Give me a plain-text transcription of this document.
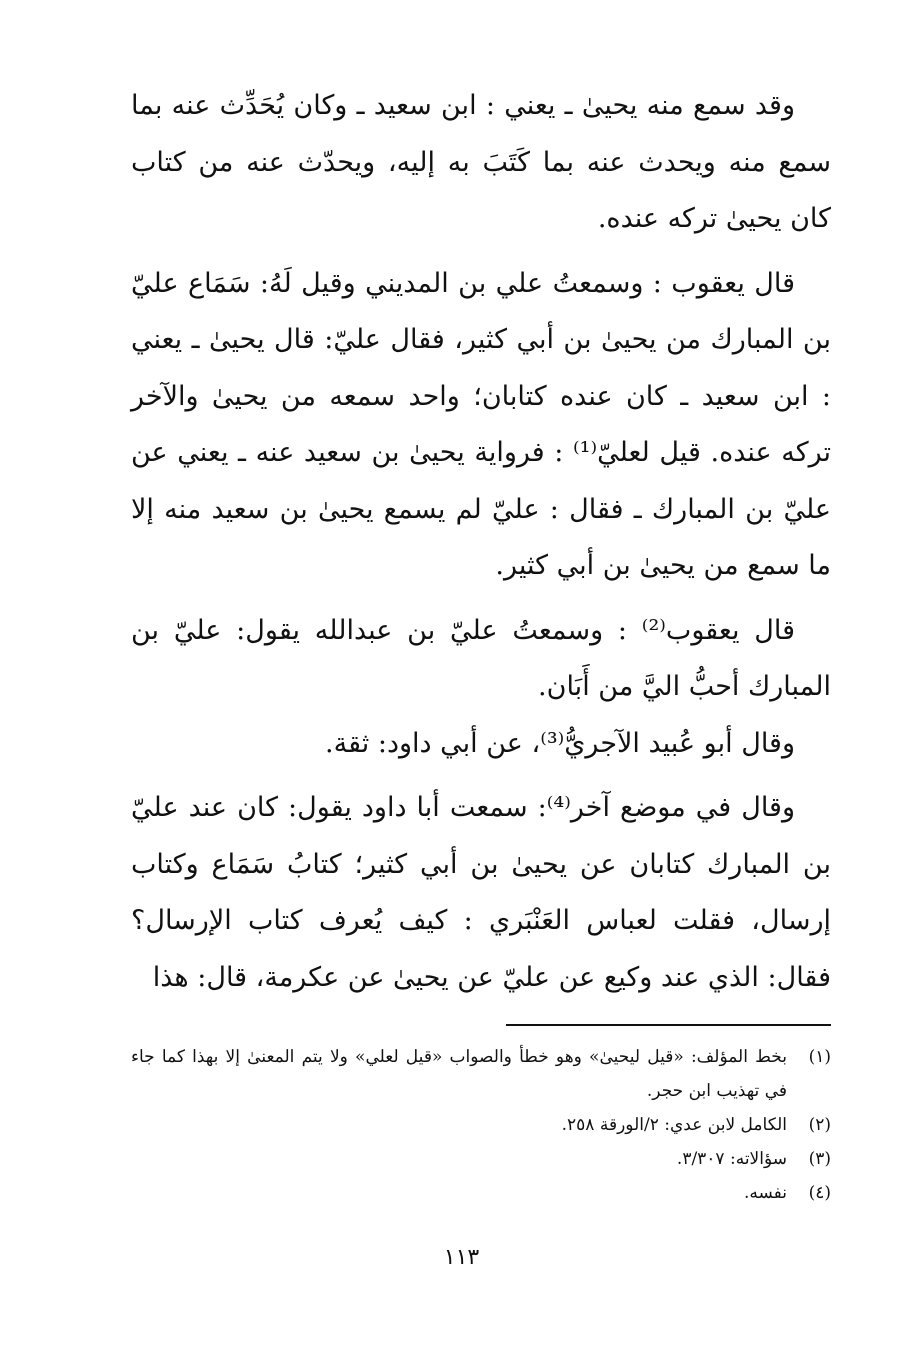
وقد سمع منه يحيىٰ ـ يعني : ابن سعيد ـ وكان يُحَدِّث عنه بما سمع منه ويحدث عنه بما كَتَبَ به إليه، ويحدّث عنه من كتاب كان يحيىٰ تركه عنده.

قال يعقوب : وسمعتُ علي بن المديني وقيل لَهُ: سَمَاع عليّ بن المبارك من يحيىٰ بن أبي كثير، فقال عليّ: قال يحيىٰ ـ يعني : ابن سعيد ـ كان عنده كتابان؛ واحد سمعه من يحيىٰ والآخر تركه عنده. قيل لعليّ⁽¹⁾ : فرواية يحيىٰ بن سعيد عنه ـ يعني عن عليّ بن المبارك ـ فقال : عليّ لم يسمع يحيىٰ بن سعيد منه إلا ما سمع من يحيىٰ بن أبي كثير.

قال يعقوب⁽²⁾ : وسمعتُ عليّ بن عبدالله يقول: عليّ بن المبارك أحبُّ اليَّ من أَبَان.

وقال أبو عُبيد الآجريُّ⁽³⁾، عن أبي داود: ثقة.

وقال في موضع آخر⁽⁴⁾: سمعت أبا داود يقول: كان عند عليّ بن المبارك كتابان عن يحيىٰ بن أبي كثير؛ كتابُ سَمَاع وكتاب إرسال، فقلت لعباس العَنْبَري : كيف يُعرف كتاب الإرسال؟ فقال: الذي عند وكيع عن عليّ عن يحيىٰ عن عكرمة، قال: هذا

(١)
بخط المؤلف: «قيل ليحيىٰ» وهو خطأ والصواب «قيل لعلي» ولا يتم المعنىٰ إلا بهذا كما جاء في تهذيب ابن حجر.
(٢)
الكامل لابن عدي: ٢/الورقة ٢٥٨.
(٣)
سؤالاته: ٣/٣٠٧.
(٤)
نفسه.
١١٣
